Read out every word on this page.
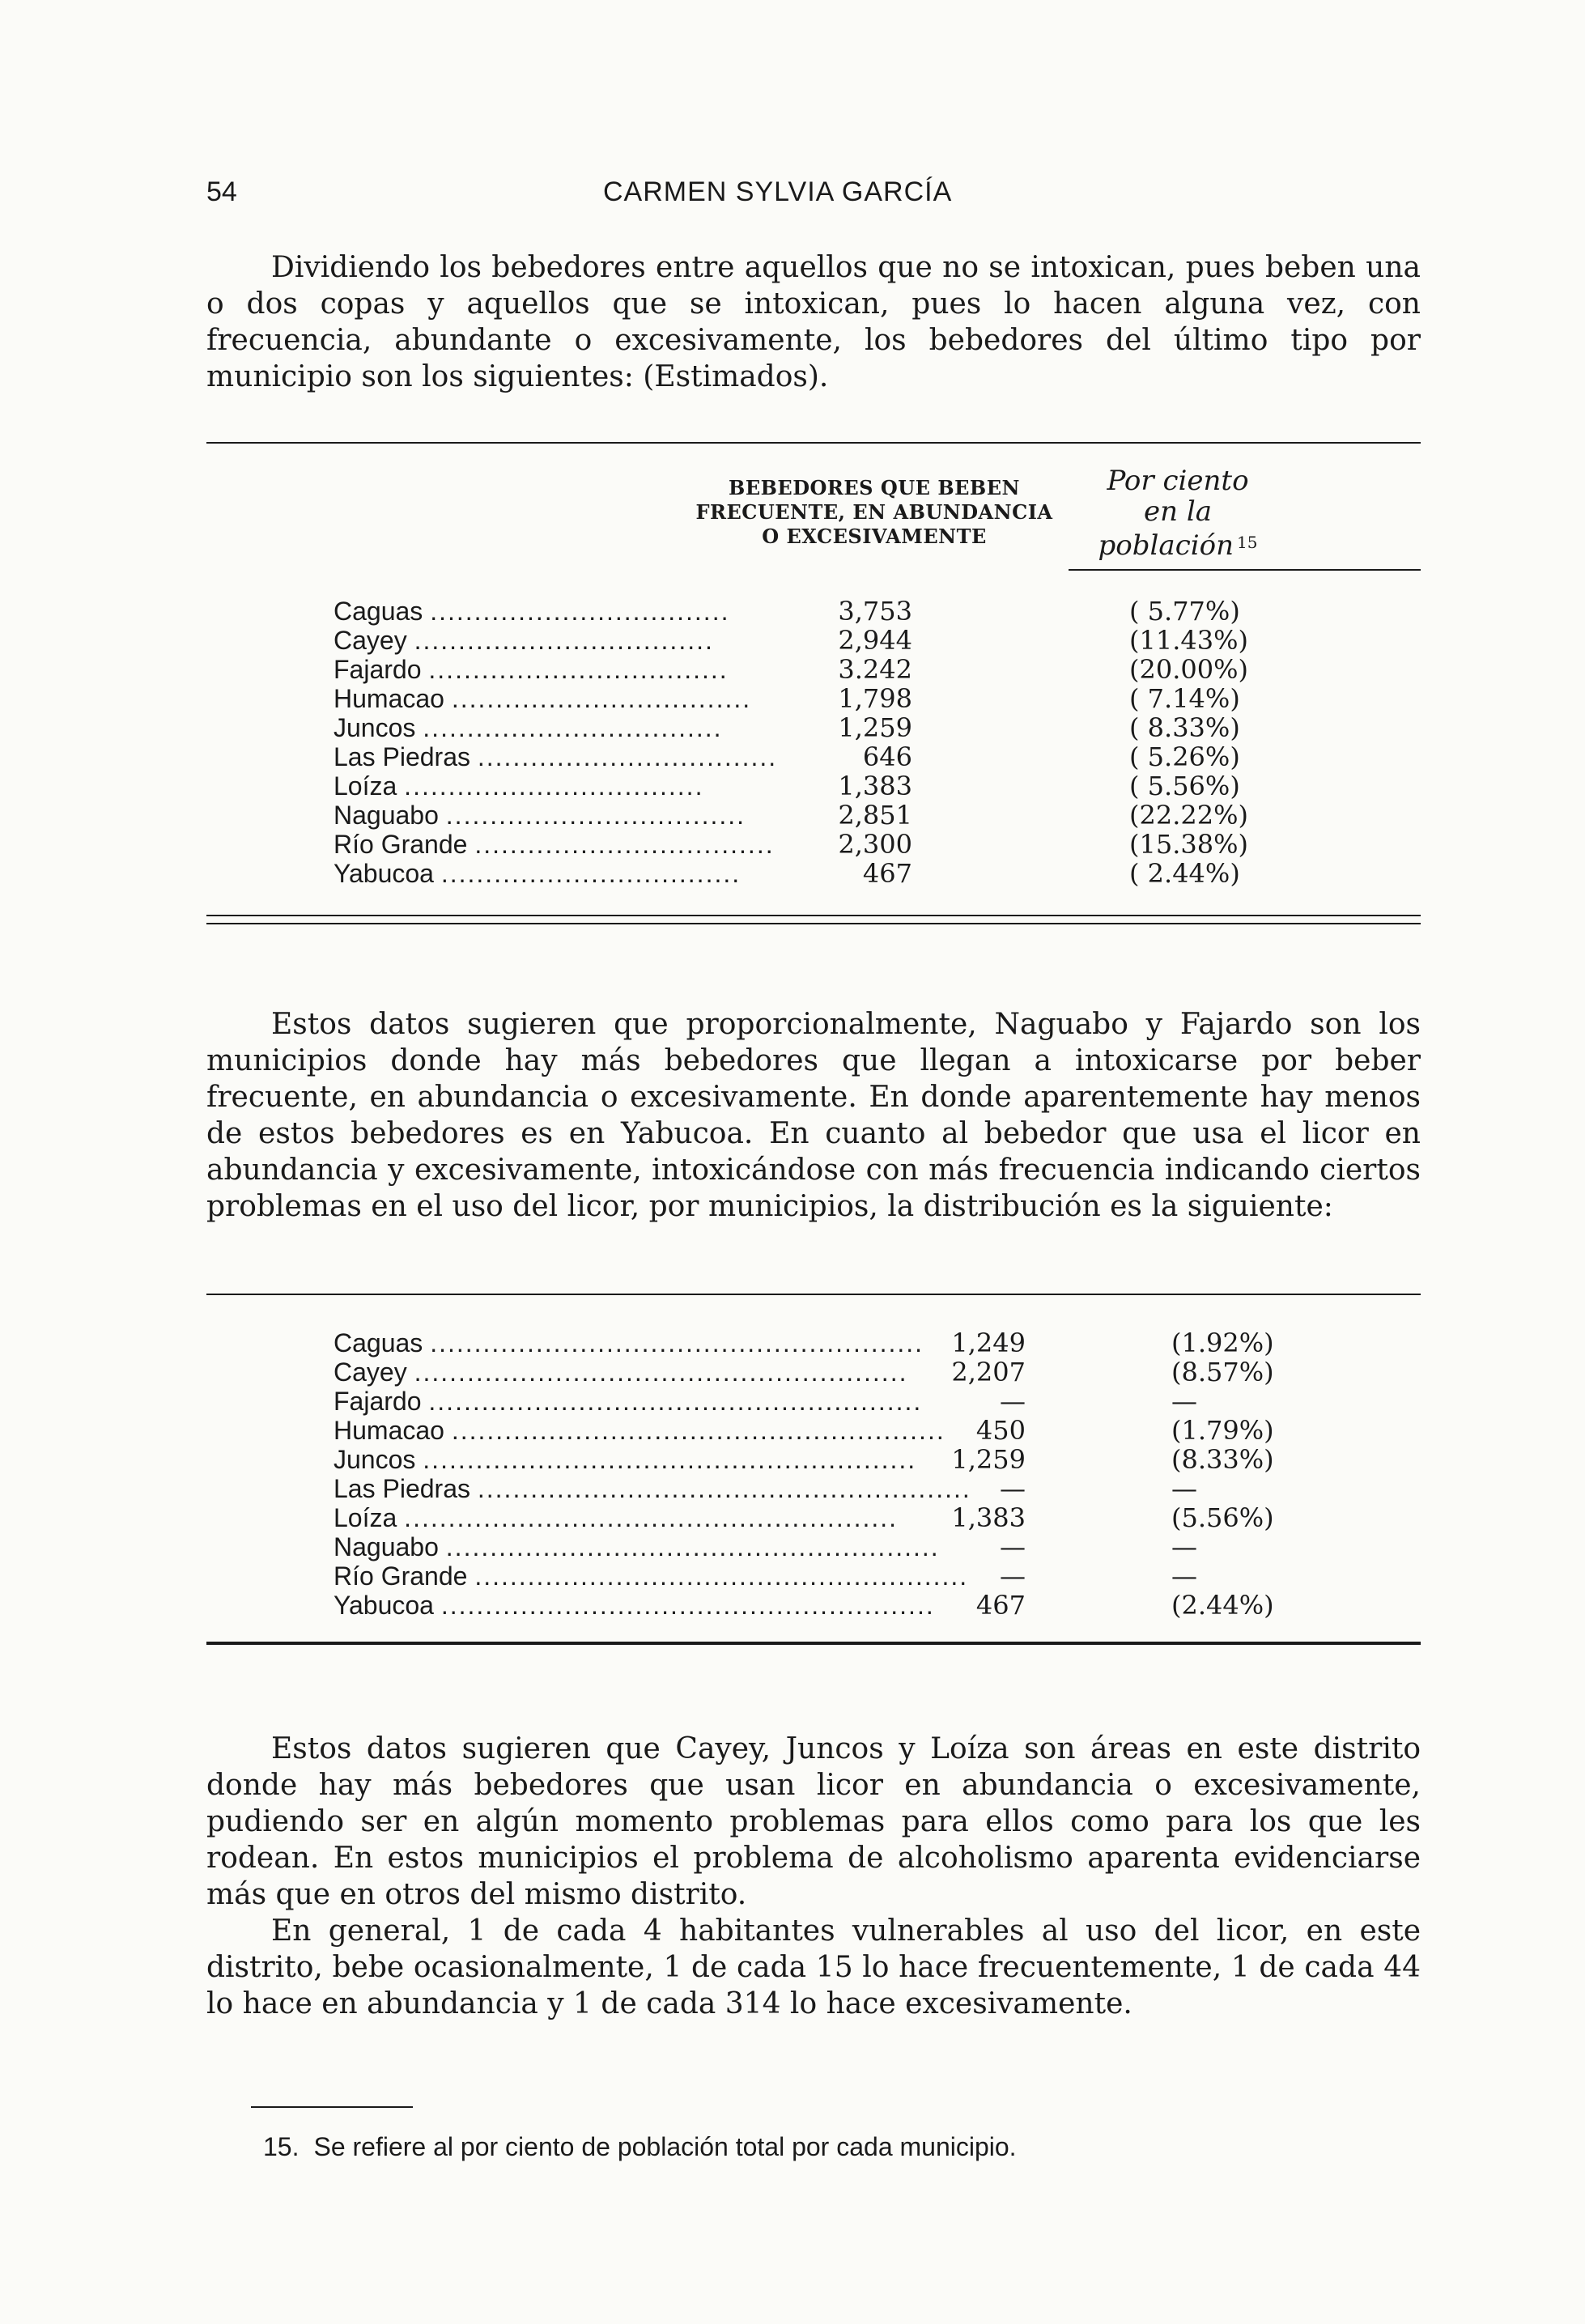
54	CARMEN SYLVIA GARCÍA

Dividiendo los bebedores entre aquellos que no se intoxican, pues beben una o dos copas y aquellos que se intoxican, pues lo hacen alguna vez, con frecuencia, abundante o excesivamente, los bebedores del último tipo por municipio son los siguientes: (Estimados).

BEBEDORES QUE BEBEN
FRECUENTE, EN ABUNDANCIA
O EXCESIVAMENTE
Por ciento
en la
población $^{15}$
Caguas ..................................	3,753	( 5.77%)
Cayey ..................................	2,944	(11.43%)
Fajardo ..................................	3.242	(20.00%)
Humacao ..................................	1,798	( 7.14%)
Juncos ..................................	1,259	( 8.33%)
Las Piedras ..................................	646	( 5.26%)
Loíza ..................................	1,383	( 5.56%)
Naguabo ..................................	2,851	(22.22%)
Río Grande ..................................	2,300	(15.38%)
Yabucoa ..................................	467	( 2.44%)

Estos datos sugieren que proporcionalmente, Naguabo y Fajardo son los municipios donde hay más bebedores que llegan a intoxicarse por beber frecuente, en abundancia o excesivamente. En donde aparentemente hay menos de estos bebedores es en Yabucoa. En cuanto al bebedor que usa el licor en abundancia y excesivamente, intoxicándose con más frecuencia indicando ciertos problemas en el uso del licor, por municipios, la distribución es la siguiente:

Caguas ........................................................	1,249	(1.92%)
Cayey ........................................................	2,207	(8.57%)
Fajardo ........................................................	—	—
Humacao ........................................................	450	(1.79%)
Juncos ........................................................	1,259	(8.33%)
Las Piedras ........................................................	—	—
Loíza ........................................................	1,383	(5.56%)
Naguabo ........................................................	—	—
Río Grande ........................................................	—	—
Yabucoa ........................................................	467	(2.44%)

Estos datos sugieren que Cayey, Juncos y Loíza son áreas en este distrito donde hay más bebedores que usan licor en abundancia o excesivamente, pudiendo ser en algún momento problemas para ellos como para los que les rodean. En estos municipios el problema de alcoholismo aparenta evidenciarse más que en otros del mismo distrito.

En general, 1 de cada 4 habitantes vulnerables al uso del licor, en este distrito, bebe ocasionalmente, 1 de cada 15 lo hace frecuentemente, 1 de cada 44 lo hace en abundancia y 1 de cada 314 lo hace excesivamente.

15. Se refiere al por ciento de población total por cada municipio.
